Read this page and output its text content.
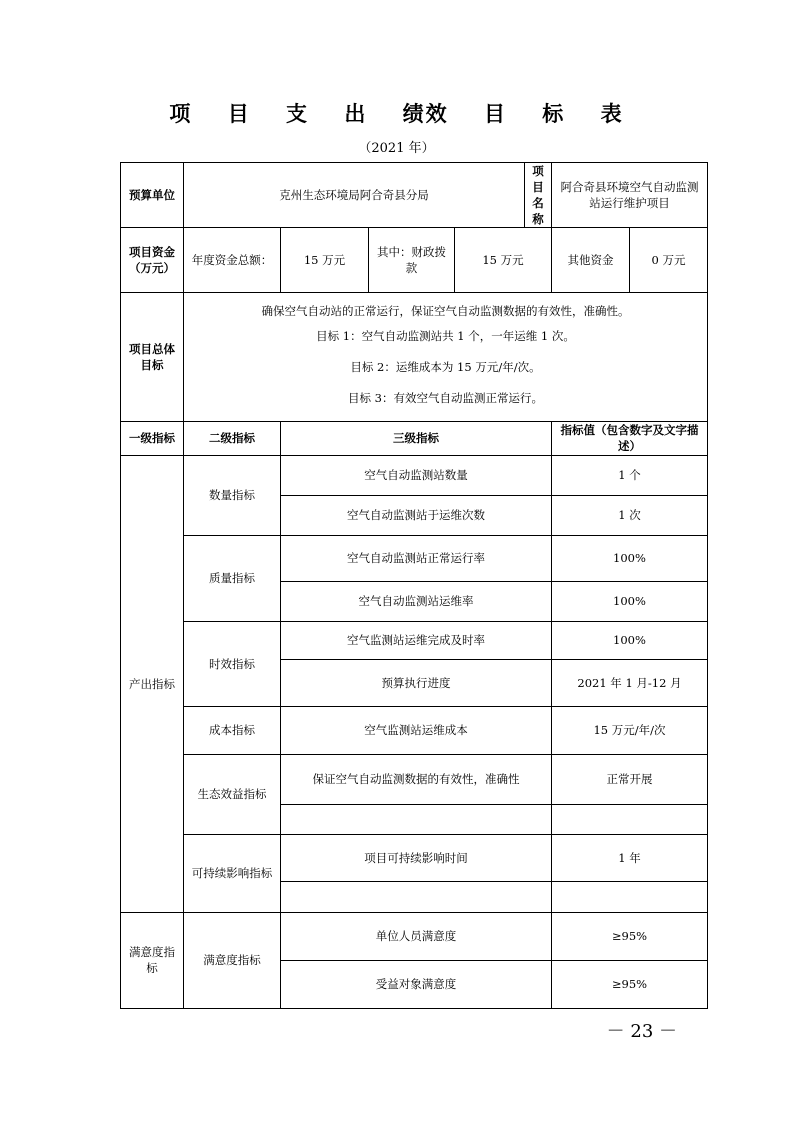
项 目 支 出 绩效 目 标 表
（2021 年）
预算单位	克州生态环境局阿合奇县分局				项目名称	阿合奇县环境空气自动监测站运行维护项目	
项目资金（万元）	年度资金总额：	15 万元	其中：财政拨款	15 万元		其他资金	0 万元
项目总体目标	确保空气自动站的正常运行，保证空气自动监测数据的有效性，准确性。
目标 1：空气自动监测站共 1 个，一年运维 1 次。
目标 2：运维成本为 15 万元/年/次。
目标 3：有效空气自动监测正常运行。						

一级指标	二级指标	三级指标				指标值（包含数字及文字描述）	
产出指标	数量指标	空气自动监测站数量				1 个	
		空气自动监测站于运维次数				1 次	
	质量指标	空气自动监测站正常运行率				100%	
		空气自动监测站运维率				100%	
	时效指标	空气监测站运维完成及时率				100%	
		预算执行进度				2021 年 1 月-12 月	
	成本指标	空气监测站运维成本				15 万元/年/次	
	生态效益指标	保证空气自动监测数据的有效性，准确性				正常开展	

	可持续影响指标	项目可持续影响时间				1 年	

满意度指标	满意度指标	单位人员满意度				≥95%	
		受益对象满意度				≥95%	
－ 23 －
